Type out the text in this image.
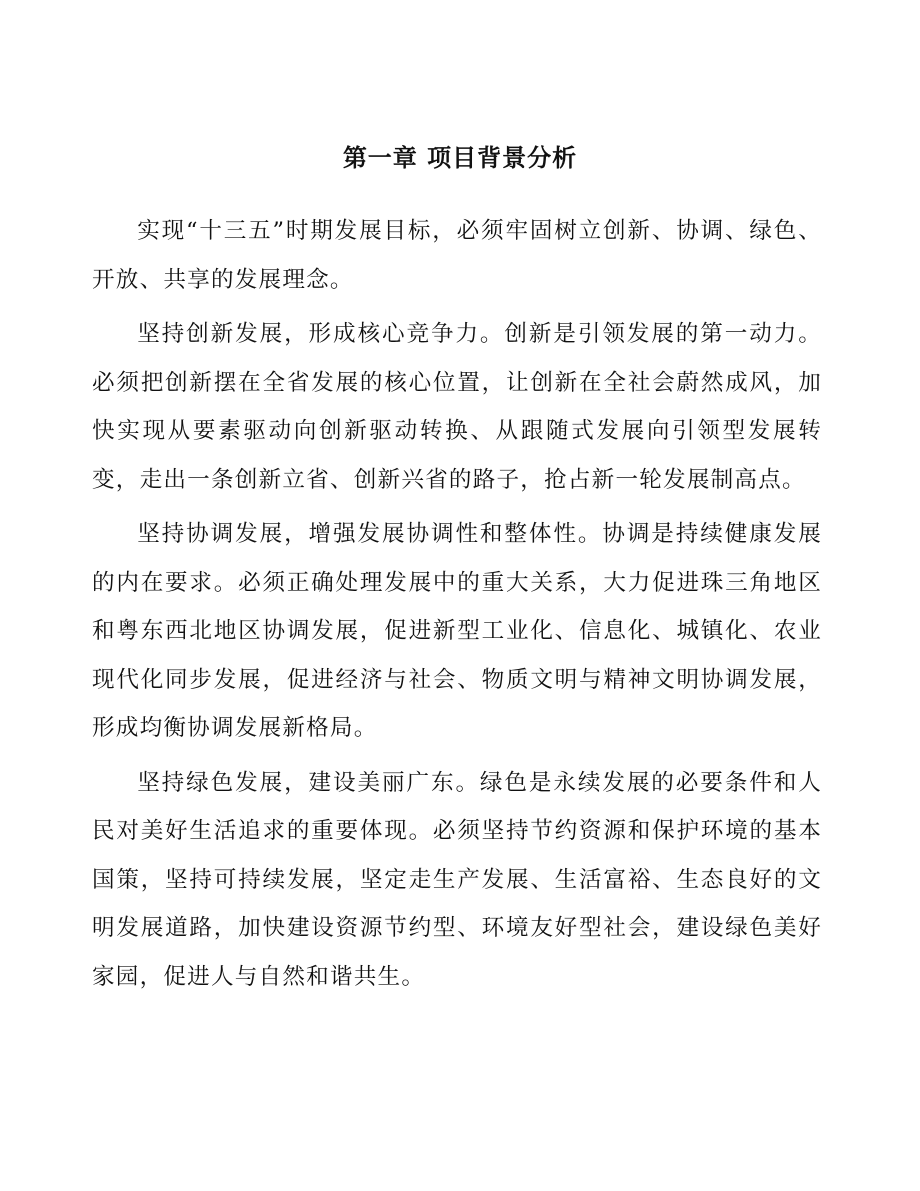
第一章 项目背景分析

实现“十三五”时期发展目标，必须牢固树立创新、协调、绿色、开放、共享的发展理念。

坚持创新发展，形成核心竞争力。创新是引领发展的第一动力。必须把创新摆在全省发展的核心位置，让创新在全社会蔚然成风，加快实现从要素驱动向创新驱动转换、从跟随式发展向引领型发展转变，走出一条创新立省、创新兴省的路子，抢占新一轮发展制高点。

坚持协调发展，增强发展协调性和整体性。协调是持续健康发展的内在要求。必须正确处理发展中的重大关系，大力促进珠三角地区和粤东西北地区协调发展，促进新型工业化、信息化、城镇化、农业现代化同步发展，促进经济与社会、物质文明与精神文明协调发展，形成均衡协调发展新格局。

坚持绿色发展，建设美丽广东。绿色是永续发展的必要条件和人民对美好生活追求的重要体现。必须坚持节约资源和保护环境的基本国策，坚持可持续发展，坚定走生产发展、生活富裕、生态良好的文明发展道路，加快建设资源节约型、环境友好型社会，建设绿色美好家园，促进人与自然和谐共生。
